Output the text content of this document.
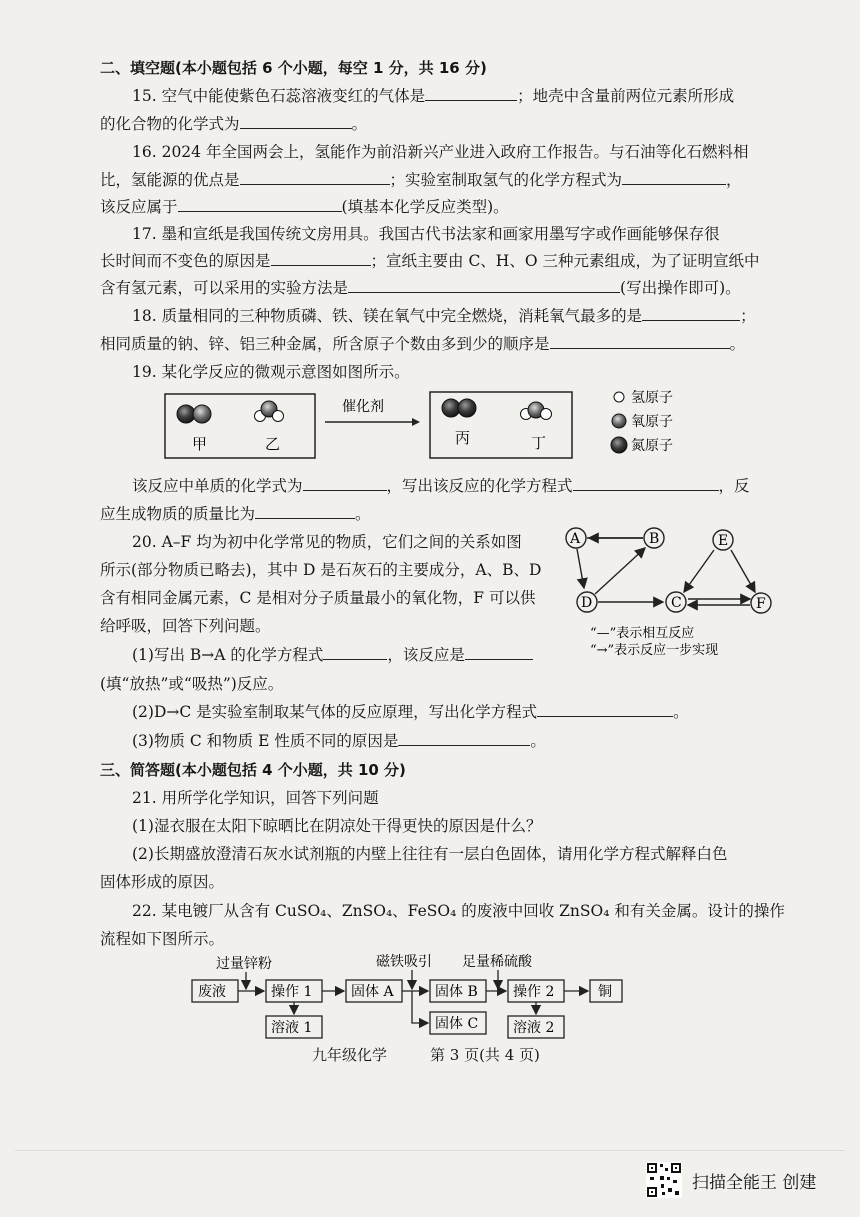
二、填空题(本小题包括 6 个小题，每空 1 分，共 16 分)
15. 空气中能使紫色石蕊溶液变红的气体是	；地壳中含量前两位元素所形成
的化合物的化学式为	。
16. 2024 年全国两会上，氢能作为前沿新兴产业进入政府工作报告。与石油等化石燃料相
比，氢能源的优点是	；实验室制取氢气的化学方程式为	，
该反应属于	(填基本化学反应类型)。
17. 墨和宣纸是我国传统文房用具。我国古代书法家和画家用墨写字或作画能够保存很
长时间而不变色的原因是	；宣纸主要由 C、H、O 三种元素组成，为了证明宣纸中
含有氢元素，可以采用的实验方法是	(写出操作即可)。
18. 质量相同的三种物质磷、铁、镁在氧气中完全燃烧，消耗氧气最多的是	；
相同质量的钠、锌、铝三种金属，所含原子个数由多到少的顺序是	。
19. 某化学反应的微观示意图如图所示。
甲	乙
催化剂
丙	丁
氢原子
氧原子
氮原子
该反应中单质的化学式为	，写出该反应的化学方程式	，反
应生成物质的质量比为	。
20. A–F 均为初中化学常见的物质，它们之间的关系如图
所示(部分物质已略去)，其中 D 是石灰石的主要成分，A、B、D
含有相同金属元素，C 是相对分子质量最小的氧化物，F 可以供
给呼吸，回答下列问题。
(1)写出 B→A 的化学方程式	，该反应是
(填“放热”或“吸热”)反应。
(2)D→C 是实验室制取某气体的反应原理，写出化学方程式	。
(3)物质 C 和物质 E 性质不同的原因是	。
A	B
C
D
E
F
“—”表示相互反应
“→”表示反应一步实现
三、简答题(本小题包括 4 个小题，共 10 分)
21. 用所学化学知识，回答下列问题
(1)湿衣服在太阳下晾晒比在阴凉处干得更快的原因是什么？
(2)长期盛放澄清石灰水试剂瓶的内壁上往往有一层白色固体，请用化学方程式解释白色
固体形成的原因。
22. 某电镀厂从含有 CuSO₄、ZnSO₄、FeSO₄ 的废液中回收 ZnSO₄ 和有关金属。设计的操作
流程如下图所示。
过量锌粉	磁铁吸引 足量稀硫酸
废液	操作 1	固体 A	固体 B	操作 2	铜
溶液 1	固体 C 溶液 2
九年级化学	第 3 页(共 4 页)
扫描全能王 创建
